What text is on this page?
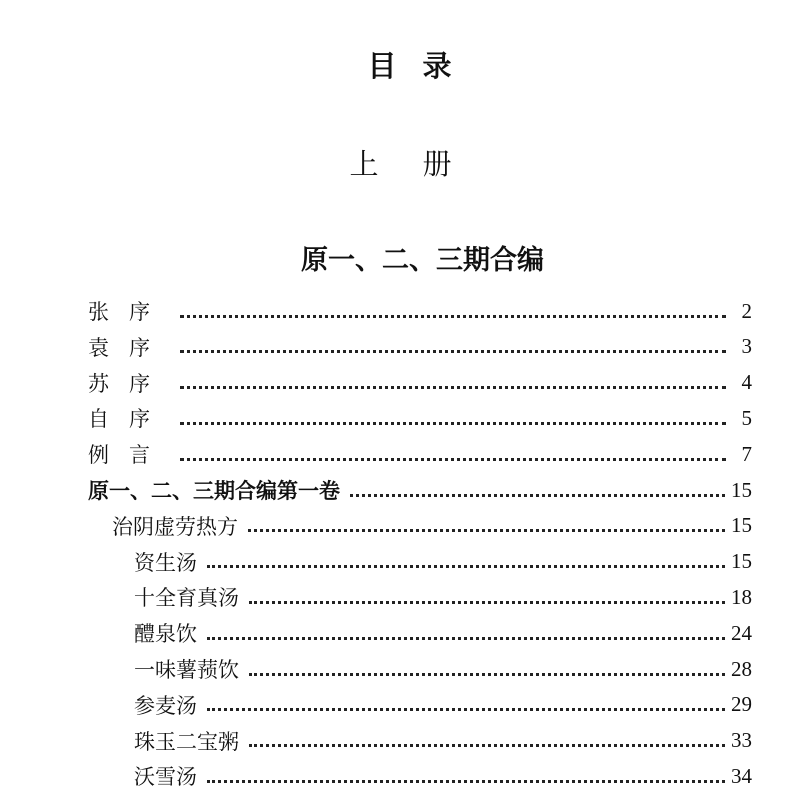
目录
上册
原一、二、三期合编
张序	2
袁序	3
苏序	4
自序	5
例言	7
原一、二、三期合编第一卷	15
治阴虚劳热方	15
资生汤	15
十全育真汤	18
醴泉饮	24
一味薯蓣饮	28
参麦汤	29
珠玉二宝粥	33
沃雪汤	34
